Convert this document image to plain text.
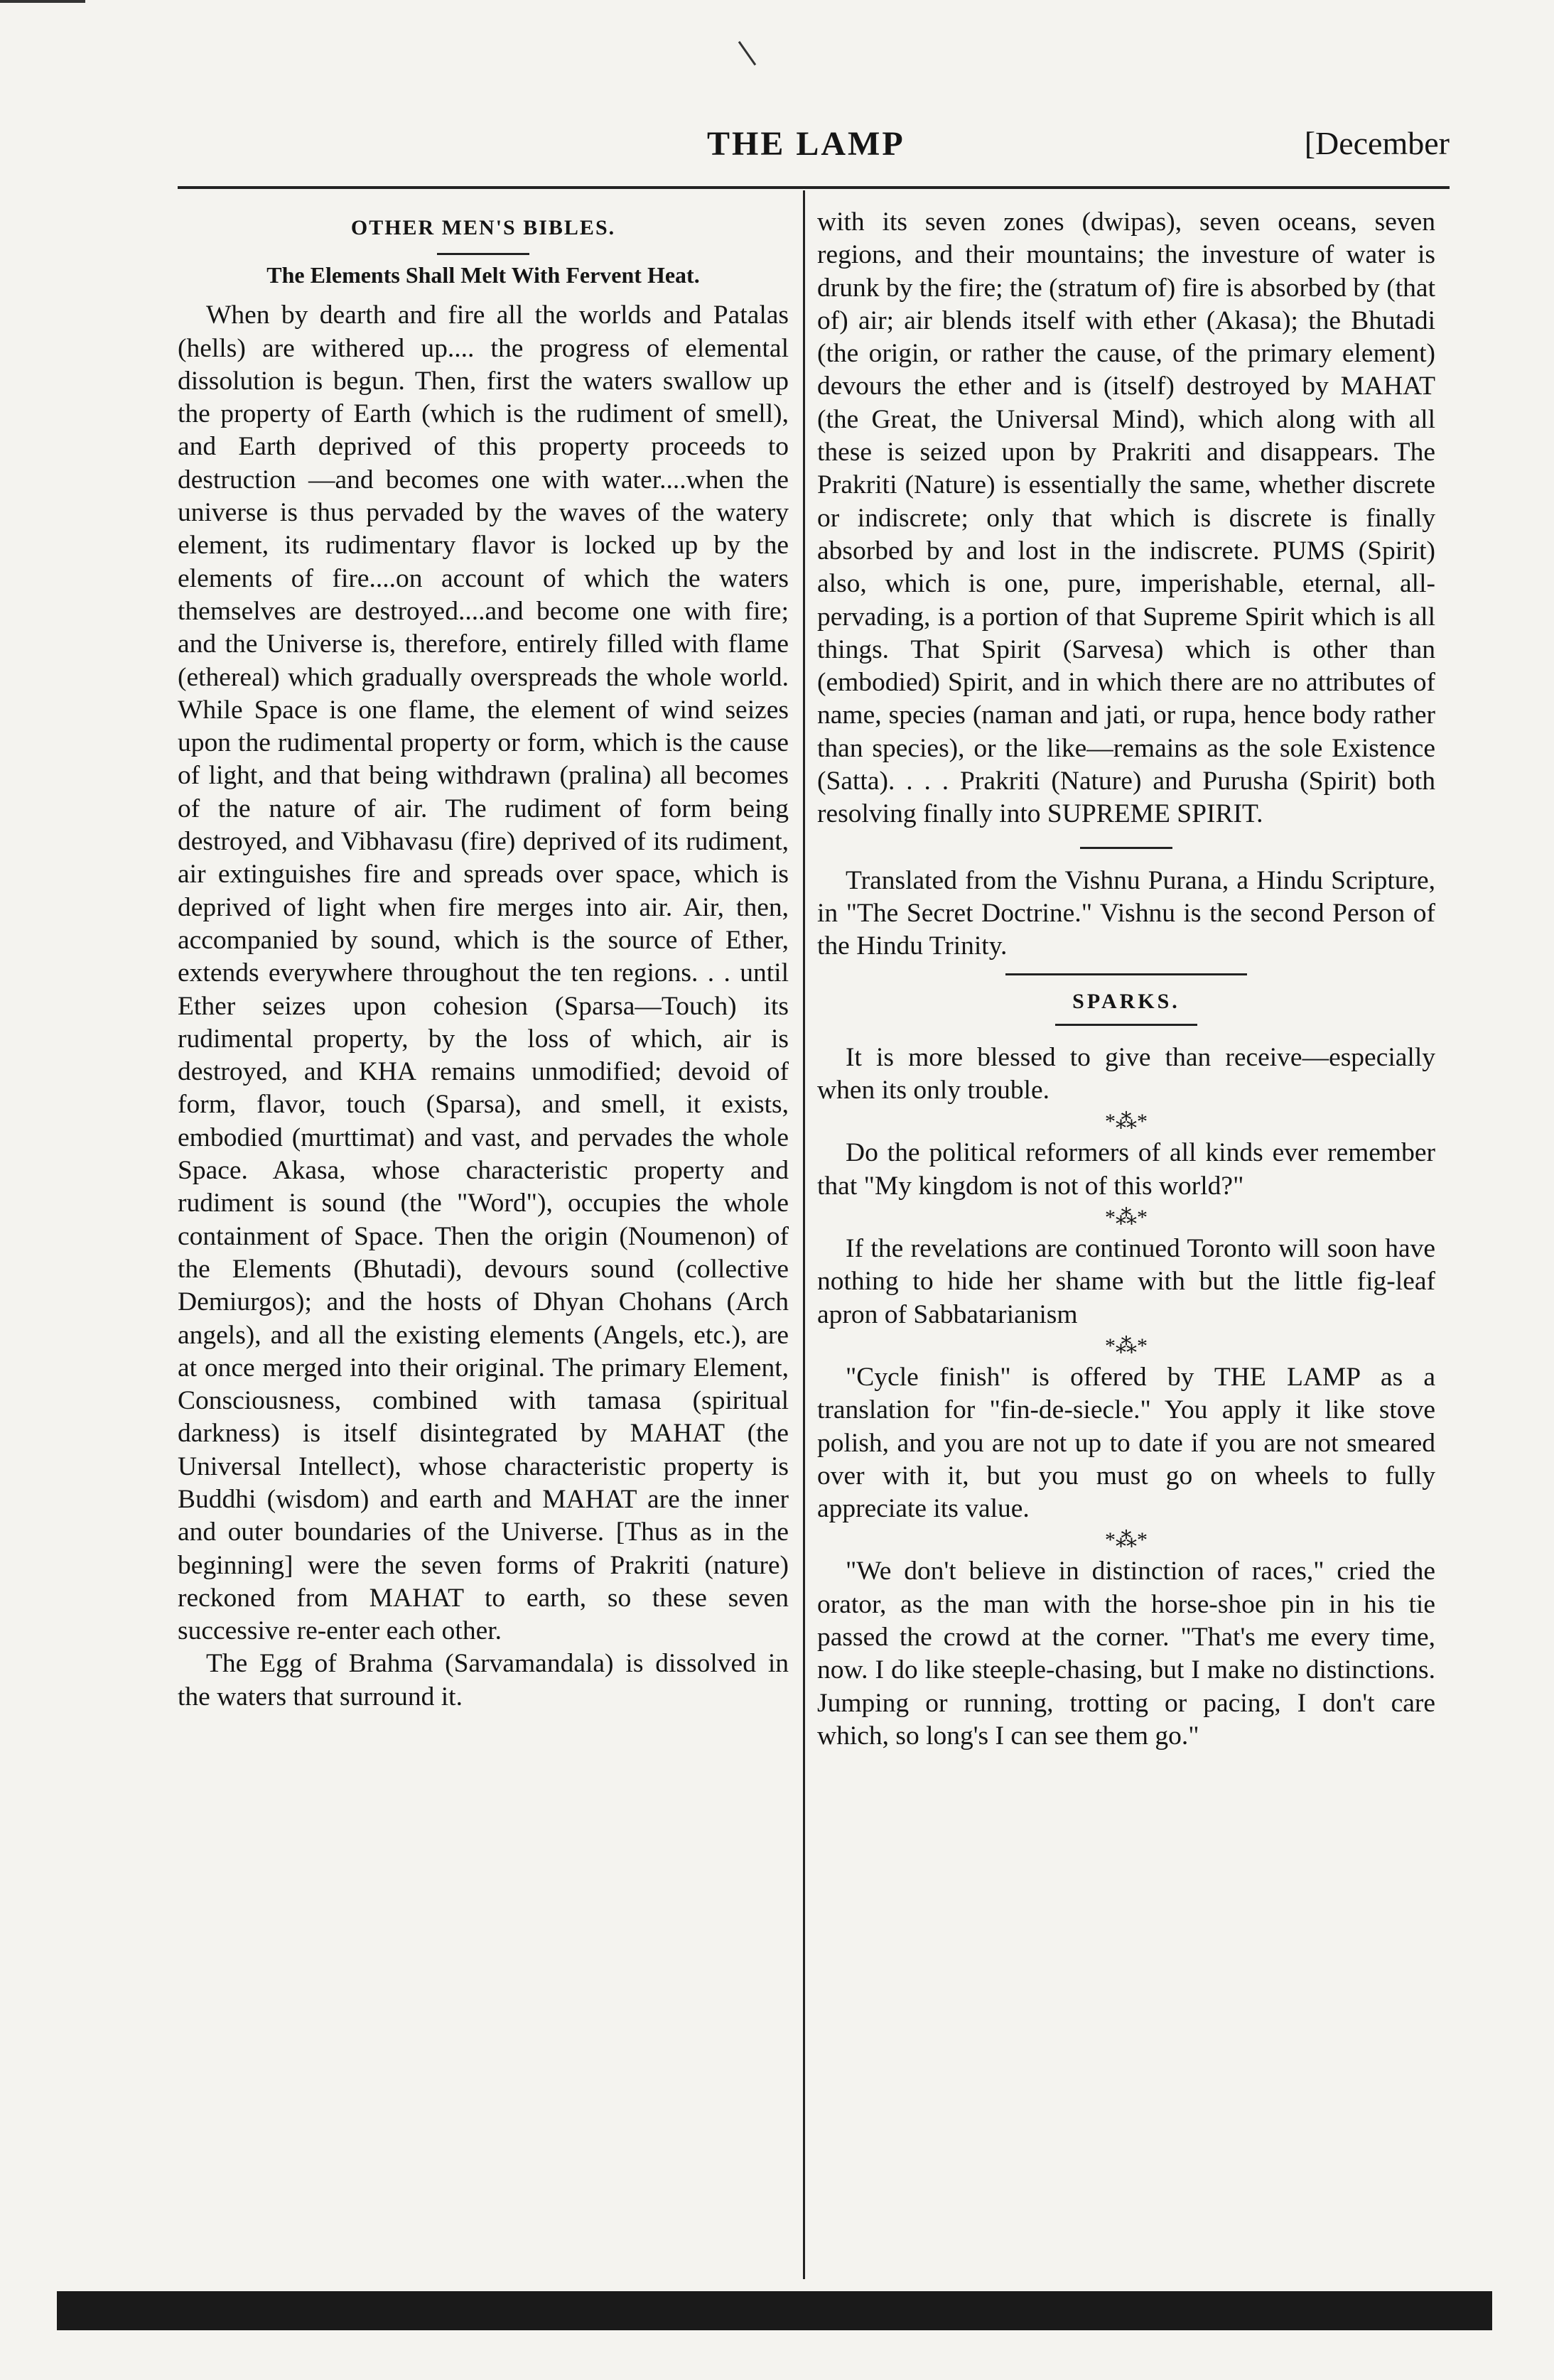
THE LAMP	[December
OTHER MEN'S BIBLES.
The Elements Shall Melt With Fervent Heat.

When by dearth and fire all the worlds and Patalas (hells) are withered up.... the progress of elemental dissolution is begun. Then, first the waters swallow up the property of Earth (which is the rudiment of smell), and Earth deprived of this property proceeds to destruction —and becomes one with water....when the universe is thus pervaded by the waves of the watery element, its rudimentary flavor is locked up by the elements of fire....on account of which the waters themselves are destroyed....and become one with fire; and the Universe is, therefore, entirely filled with flame (ethereal) which gradually overspreads the whole world. While Space is one flame, the element of wind seizes upon the rudimental property or form, which is the cause of light, and that being withdrawn (pralina) all becomes of the nature of air. The rudiment of form being destroyed, and Vibhavasu (fire) deprived of its rudiment, air extinguishes fire and spreads over space, which is deprived of light when fire merges into air. Air, then, accompanied by sound, which is the source of Ether, extends everywhere throughout the ten regions. . . until Ether seizes upon cohesion (Sparsa—Touch) its rudimental property, by the loss of which, air is destroyed, and KHA remains unmodified; devoid of form, flavor, touch (Sparsa), and smell, it exists, embodied (murttimat) and vast, and pervades the whole Space. Akasa, whose characteristic property and rudiment is sound (the "Word"), occupies the whole containment of Space. Then the origin (Noumenon) of the Elements (Bhutadi), devours sound (collective Demiurgos); and the hosts of Dhyan Chohans (Arch angels), and all the existing elements (Angels, etc.), are at once merged into their original. The primary Element, Consciousness, combined with tamasa (spiritual darkness) is itself disintegrated by MAHAT (the Universal Intellect), whose characteristic property is Buddhi (wisdom) and earth and MAHAT are the inner and outer boundaries of the Universe. [Thus as in the beginning] were the seven forms of Prakriti (nature) reckoned from MAHAT to earth, so these seven successive re-enter each other.

The Egg of Brahma (Sarvamandala) is dissolved in the waters that surround it.

with its seven zones (dwipas), seven oceans, seven regions, and their mountains; the investure of water is drunk by the fire; the (stratum of) fire is absorbed by (that of) air; air blends itself with ether (Akasa); the Bhutadi (the origin, or rather the cause, of the primary element) devours the ether and is (itself) destroyed by MAHAT (the Great, the Universal Mind), which along with all these is seized upon by Prakriti and disappears. The Prakriti (Nature) is essentially the same, whether discrete or indiscrete; only that which is discrete is finally absorbed by and lost in the indiscrete. PUMS (Spirit) also, which is one, pure, imperishable, eternal, all-pervading, is a portion of that Supreme Spirit which is all things. That Spirit (Sarvesa) which is other than (embodied) Spirit, and in which there are no attributes of name, species (naman and jati, or rupa, hence body rather than species), or the like—remains as the sole Existence (Satta). . . . Prakriti (Nature) and Purusha (Spirit) both resolving finally into SUPREME SPIRIT.

Translated from the Vishnu Purana, a Hindu Scripture, in "The Secret Doctrine." Vishnu is the second Person of the Hindu Trinity.

SPARKS.

It is more blessed to give than receive—especially when its only trouble.

*⁂*

Do the political reformers of all kinds ever remember that "My kingdom is not of this world?"

*⁂*

If the revelations are continued Toronto will soon have nothing to hide her shame with but the little fig-leaf apron of Sabbatarianism

*⁂*

"Cycle finish" is offered by THE LAMP as a translation for "fin-de-siecle." You apply it like stove polish, and you are not up to date if you are not smeared over with it, but you must go on wheels to fully appreciate its value.

*⁂*

"We don't believe in distinction of races," cried the orator, as the man with the horse-shoe pin in his tie passed the crowd at the corner. "That's me every time, now. I do like steeple-chasing, but I make no distinctions. Jumping or running, trotting or pacing, I don't care which, so long's I can see them go."
